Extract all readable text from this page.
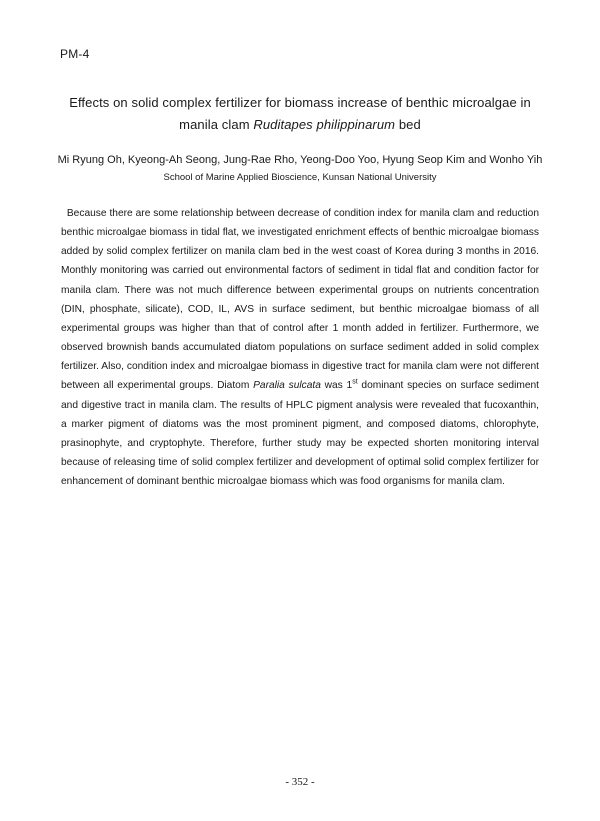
PM-4
Effects on solid complex fertilizer for biomass increase of benthic microalgae in
manila clam Ruditapes philippinarum bed
Mi Ryung Oh, Kyeong-Ah Seong, Jung-Rae Rho, Yeong-Doo Yoo, Hyung Seop Kim and Wonho Yih
School of Marine Applied Bioscience, Kunsan National University
Because there are some relationship between decrease of condition index for manila clam and reduction benthic microalgae biomass in tidal flat, we investigated enrichment effects of benthic microalgae biomass added by solid complex fertilizer on manila clam bed in the west coast of Korea during 3 months in 2016. Monthly monitoring was carried out environmental factors of sediment in tidal flat and condition factor for manila clam. There was not much difference between experimental groups on nutrients concentration (DIN, phosphate, silicate), COD, IL, AVS in surface sediment, but benthic microalgae biomass of all experimental groups was higher than that of control after 1 month added in fertilizer. Furthermore, we observed brownish bands accumulated diatom populations on surface sediment added in solid complex fertilizer. Also, condition index and microalgae biomass in digestive tract for manila clam were not different between all experimental groups. Diatom Paralia sulcata was 1st dominant species on surface sediment and digestive tract in manila clam. The results of HPLC pigment analysis were revealed that fucoxanthin, a marker pigment of diatoms was the most prominent pigment, and composed diatoms, chlorophyte, prasinophyte, and cryptophyte. Therefore, further study may be expected shorten monitoring interval because of releasing time of solid complex fertilizer and development of optimal solid complex fertilizer for enhancement of dominant benthic microalgae biomass which was food organisms for manila clam.
- 352 -
